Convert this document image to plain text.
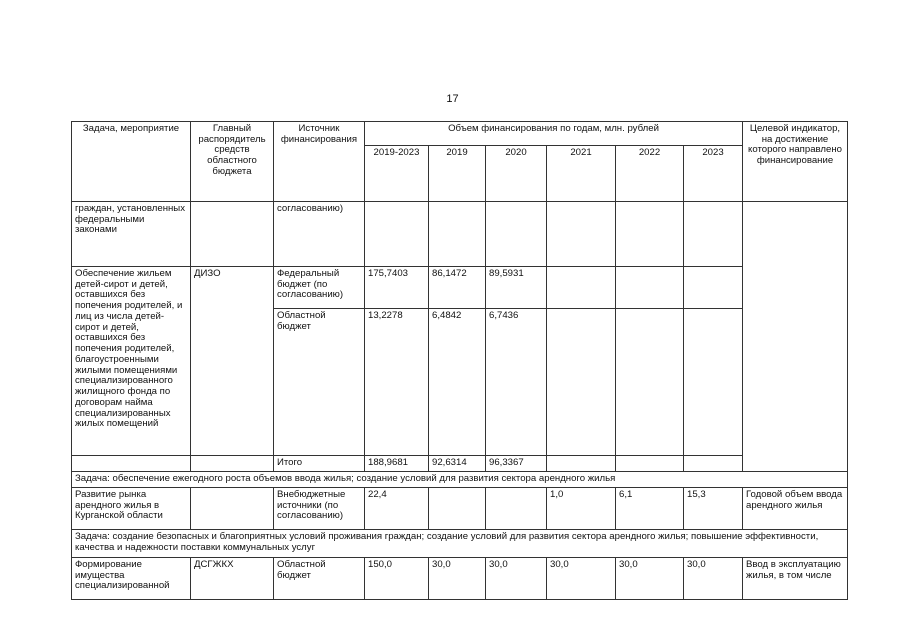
17
Задача, мероприятие	Главный распорядитель средств областного бюджета	Источник финансирования	Объем финансирования по годам, млн. рублей						Целевой индикатор, на достижение которого направлено финансирование
			2019-2023	2019	2020	2021	2022	2023	
граждан, установленных федеральными законами		согласованию)							
Обеспечение жильем детей-сирот и детей, оставшихся без попечения родителей, и лиц из числа детей-сирот и детей, оставшихся без попечения родителей, благоустроенными жилыми помещениями специализированного жилищного фонда по договорам найма специализированных жилых помещений	ДИЗО	Федеральный бюджет (по согласованию)	175,7403	86,1472	89,5931				
		Областной бюджет	13,2278	6,4842	6,7436				
		Итого	188,9681	92,6314	96,3367				
Задача: обеспечение ежегодного роста объемов ввода жилья; создание условий для развития сектора арендного жилья									
Развитие рынка арендного жилья в Курганской области		Внебюджетные источники (по согласованию)	22,4			1,0	6,1	15,3	Годовой объем ввода арендного жилья
Задача: создание безопасных и благоприятных условий проживания граждан; создание условий для развития сектора арендного жилья; повышение эффективности, качества и надежности поставки коммунальных услуг									
Формирование имущества специализированной	ДСГЖКХ	Областной бюджет	150,0	30,0	30,0	30,0	30,0	30,0	Ввод в эксплуатацию жилья, в том числе
